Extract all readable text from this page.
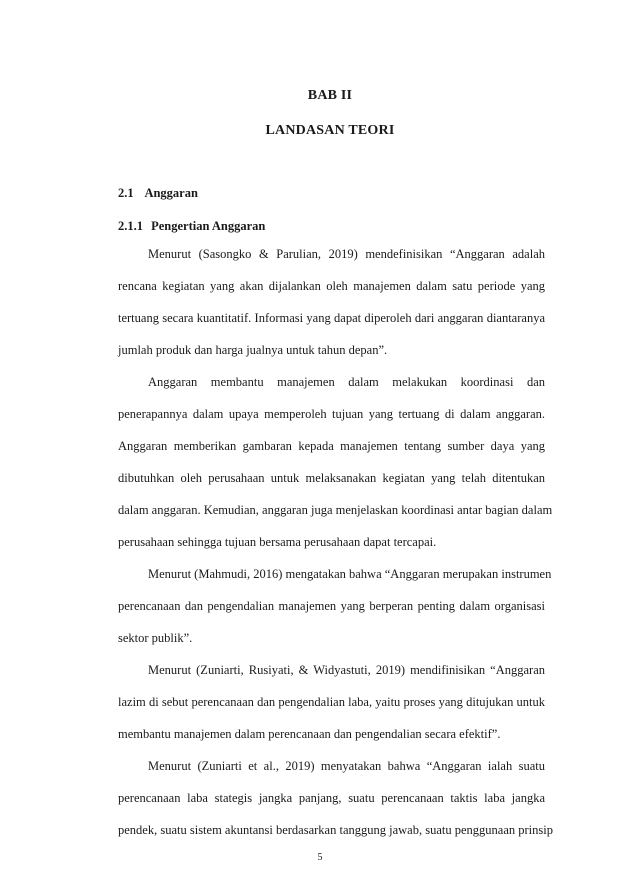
BAB II
LANDASAN TEORI
2.1 Anggaran
2.1.1 Pengertian Anggaran
Menurut (Sasongko & Parulian, 2019) mendefinisikan “Anggaran adalah
rencana kegiatan yang akan dijalankan oleh manajemen dalam satu periode yang
tertuang secara kuantitatif. Informasi yang dapat diperoleh dari anggaran diantaranya
jumlah produk dan harga jualnya untuk tahun depan”.
Anggaran membantu manajemen dalam melakukan koordinasi dan
penerapannya dalam upaya memperoleh tujuan yang tertuang di dalam anggaran.
Anggaran memberikan gambaran kepada manajemen tentang sumber daya yang
dibutuhkan oleh perusahaan untuk melaksanakan kegiatan yang telah ditentukan
dalam anggaran. Kemudian, anggaran juga menjelaskan koordinasi antar bagian dalam
perusahaan sehingga tujuan bersama perusahaan dapat tercapai.
Menurut (Mahmudi, 2016) mengatakan bahwa “Anggaran merupakan instrumen
perencanaan dan pengendalian manajemen yang berperan penting dalam organisasi
sektor publik”.
Menurut (Zuniarti, Rusiyati, & Widyastuti, 2019) mendifinisikan “Anggaran
lazim di sebut perencanaan dan pengendalian laba, yaitu proses yang ditujukan untuk
membantu manajemen dalam perencanaan dan pengendalian secara efektif”.
Menurut (Zuniarti et al., 2019) menyatakan bahwa “Anggaran ialah suatu
perencanaan laba stategis jangka panjang, suatu perencanaan taktis laba jangka
pendek, suatu sistem akuntansi berdasarkan tanggung jawab, suatu penggunaan prinsip
5
